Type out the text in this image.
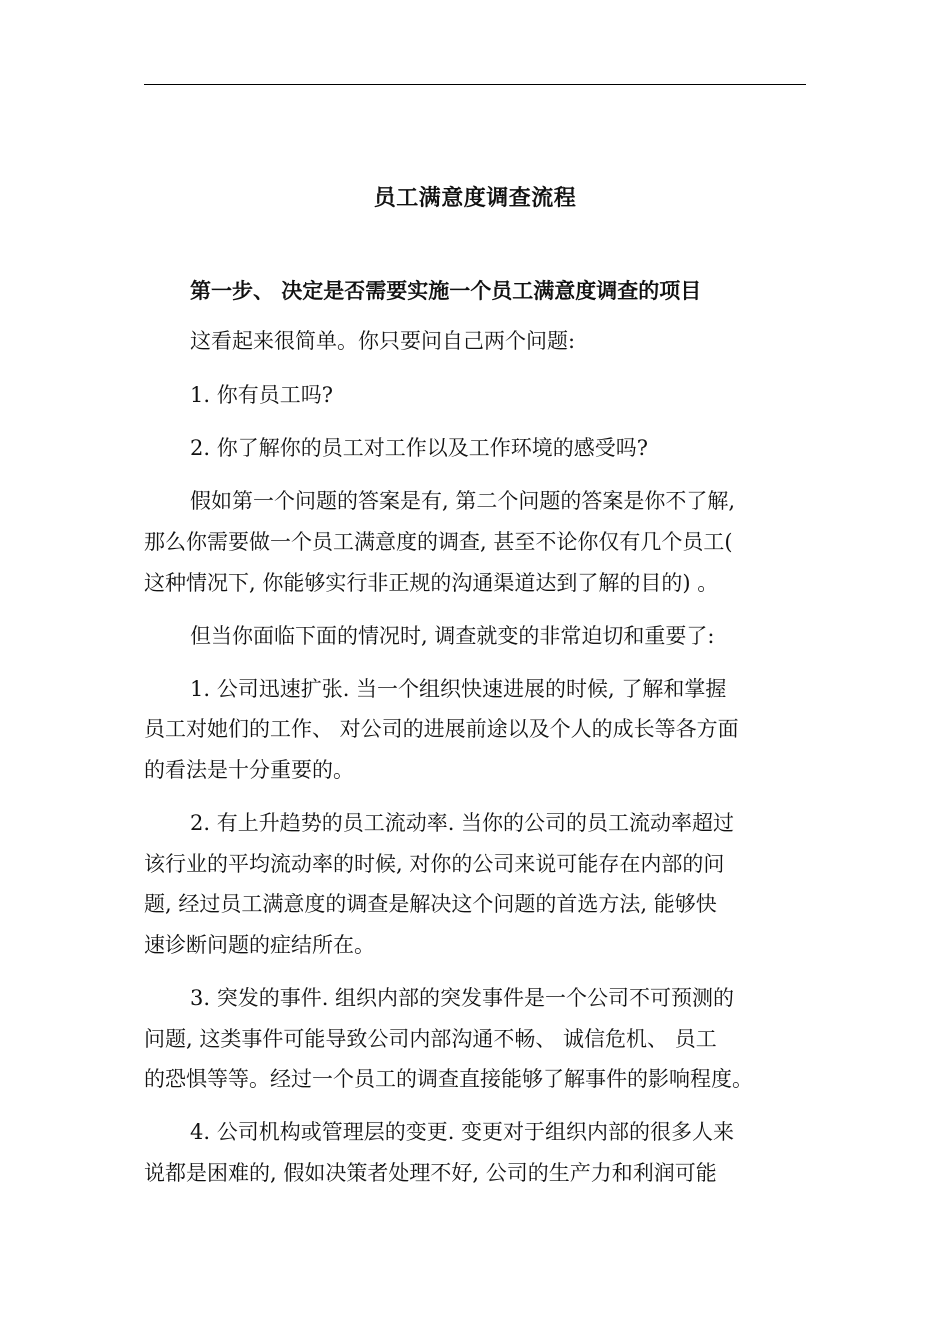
员工满意度调查流程
第一步、 决定是否需要实施一个员工满意度调查的项目
这看起来很简单。你只要问自己两个问题:
1. 你有员工吗?
2. 你了解你的员工对工作以及工作环境的感受吗?
假如第一个问题的答案是有, 第二个问题的答案是你不了解,
那么你需要做一个员工满意度的调查, 甚至不论你仅有几个员工(
这种情况下, 你能够实行非正规的沟通渠道达到了解的目的) 。
但当你面临下面的情况时, 调查就变的非常迫切和重要了:
1. 公司迅速扩张. 当一个组织快速进展的时候, 了解和掌握
员工对她们的工作、 对公司的进展前途以及个人的成长等各方面
的看法是十分重要的。
2. 有上升趋势的员工流动率. 当你的公司的员工流动率超过
该行业的平均流动率的时候, 对你的公司来说可能存在内部的问
题, 经过员工满意度的调查是解决这个问题的首选方法, 能够快
速诊断问题的症结所在。
3. 突发的事件. 组织内部的突发事件是一个公司不可预测的
问题, 这类事件可能导致公司内部沟通不畅、 诚信危机、 员工
的恐惧等等。经过一个员工的调查直接能够了解事件的影响程度。
4. 公司机构或管理层的变更. 变更对于组织内部的很多人来
说都是困难的, 假如决策者处理不好, 公司的生产力和利润可能
